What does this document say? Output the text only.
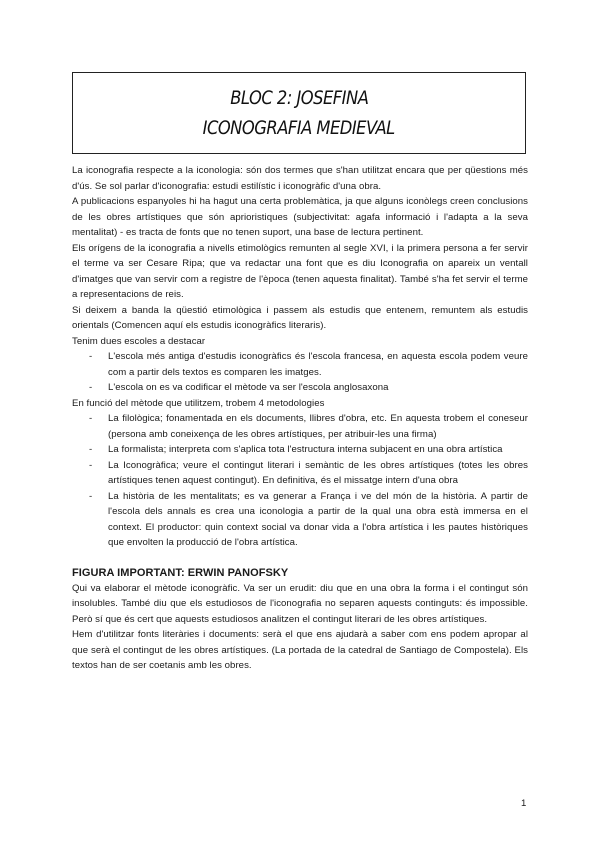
BLOC 2: JOSEFINA
ICONOGRAFIA MEDIEVAL

La iconografia respecte a la iconologia: són dos termes que s'han utilitzat encara que per qüestions més d'ús. Se sol parlar d'iconografia: estudi estilístic i iconogràfic d'una obra.

A publicacions espanyoles hi ha hagut una certa problemàtica, ja que alguns iconòlegs creen conclusions de les obres artístiques que són aprioristiques (subjectivitat: agafa informació i l'adapta a la seva mentalitat) - es tracta de fonts que no tenen suport, una base de lectura pertinent.

Els orígens de la iconografia a nivells etimològics remunten al segle XVI, i la primera persona a fer servir el terme va ser Cesare Ripa; que va redactar una font que es diu Iconografia on apareix un ventall d'imatges que van servir com a registre de l'època (tenen aquesta finalitat). També s'ha fet servir el terme a representacions de reis.

Si deixem a banda la qüestió etimològica i passem als estudis que entenem, remuntem als estudis orientals (Comencen aquí els estudis iconogràfics literaris).

Tenim dues escoles a destacar

- L'escola més antiga d'estudis iconogràfics és l'escola francesa, en aquesta escola podem veure com a partir dels textos es comparen les imatges.
- L'escola on es va codificar el mètode va ser l'escola anglosaxona

En funció del mètode que utilitzem, trobem 4 metodologies

- La filològica; fonamentada en els documents, llibres d'obra, etc. En aquesta trobem el coneseur (persona amb coneixença de les obres artístiques, per atribuir-les una firma)
- La formalista; interpreta com s'aplica tota l'estructura interna subjacent en una obra artística
- La Iconogràfica; veure el contingut literari i semàntic de les obres artístiques (totes les obres artístiques tenen aquest contingut). En definitiva, és el missatge intern d'una obra
- La història de les mentalitats; es va generar a França i ve del món de la història. A partir de l'escola dels annals es crea una iconologia a partir de la qual una obra està immersa en el context. El productor: quin context social va donar vida a l'obra artística i les pautes històriques que envolten la producció de l'obra artística.

FIGURA IMPORTANT: ERWIN PANOFSKY

Qui va elaborar el mètode iconogràfic. Va ser un erudit: diu que en una obra la forma i el contingut són insolubles. També diu que els estudiosos de l'iconografia no separen aquests continguts: és impossible. Però sí que és cert que aquests estudiosos analitzen el contingut literari de les obres artístiques.

Hem d'utilitzar fonts literàries i documents: serà el que ens ajudarà a saber com ens podem apropar al que serà el contingut de les obres artístiques. (La portada de la catedral de Santiago de Compostela). Els textos han de ser coetanis amb les obres.

1
